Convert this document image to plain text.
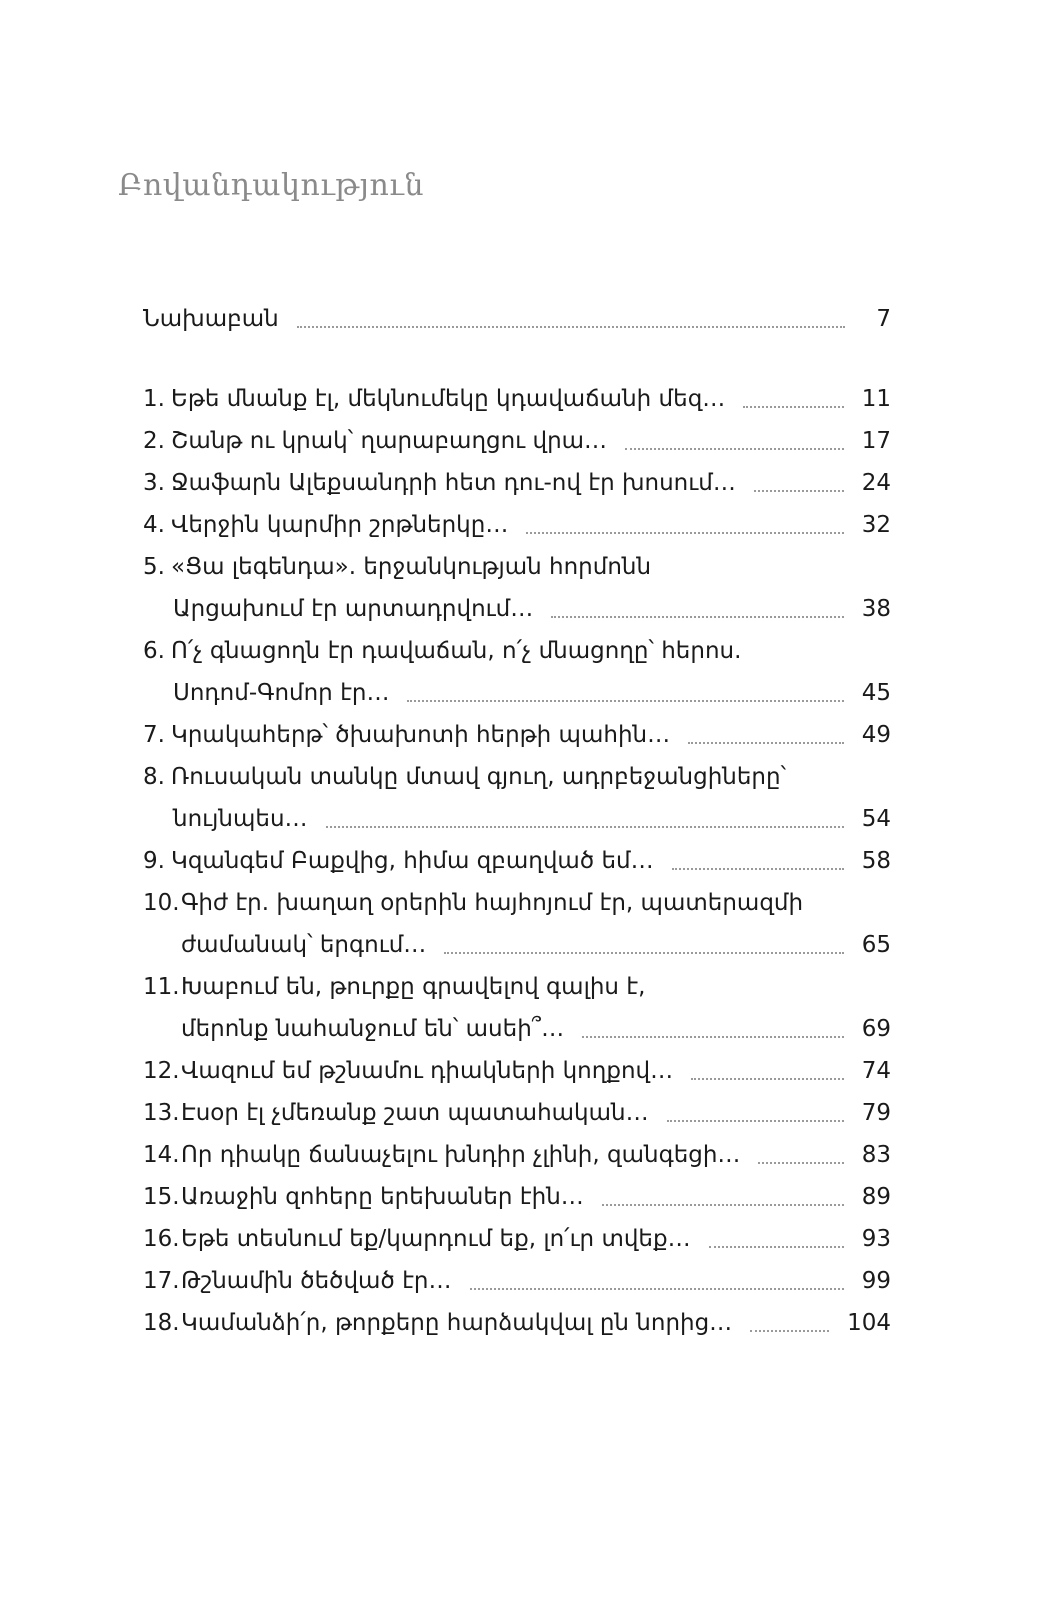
Բովանդակություն
Նախաբան	7
1. Եթե մնանք էլ, մեկնումեկը կդավաճանի մեզ…	11
2. Շանթ ու կրակ՝ ղարաբաղցու վրա…	17
3. Ջաֆարն Ալեքսանդրի հետ դու-ով էր խոսում…	24
4. Վերջին կարմիր շրթներկը…	32
5. «Ցա լեգենդա». երջանկության հորմոնն
Արցախում էր արտադրվում…	38
6. Ո՛չ գնացողն էր դավաճան, ո՛չ մնացողը՝ հերոս.
Սոդոմ-Գոմոր էր…	45
7. Կրակահերթ՝ ծխախոտի հերթի պահին…	49
8. Ռուսական տանկը մտավ գյուղ, ադրբեջանցիները՝
նույնպես…	54
9. Կզանգեմ Բաքվից, հիմա զբաղված եմ…	58
10. Գիժ էր. խաղաղ օրերին հայհոյում էր, պատերազմի
ժամանակ՝ երգում…	65
11. Խաբում են, թուրքը գրավելով գալիս է,
մերոնք նահանջում են՝ ասեի՞…	69
12. Վազում եմ թշնամու դիակների կողքով…	74
13. Էսօր էլ չմեռանք շատ պատահական…	79
14. Որ դիակը ճանաչելու խնդիր չլինի, զանգեցի…	83
15. Առաջին զոհերը երեխաներ էին…	89
16. Եթե տեսնում եք/կարդում եք, լո՛ւր տվեք…	93
17. Թշնամին ծեծված էր…	99
18. Կամանձի՛ր, թորքերը հարձակվալ ըն նորից…	104
